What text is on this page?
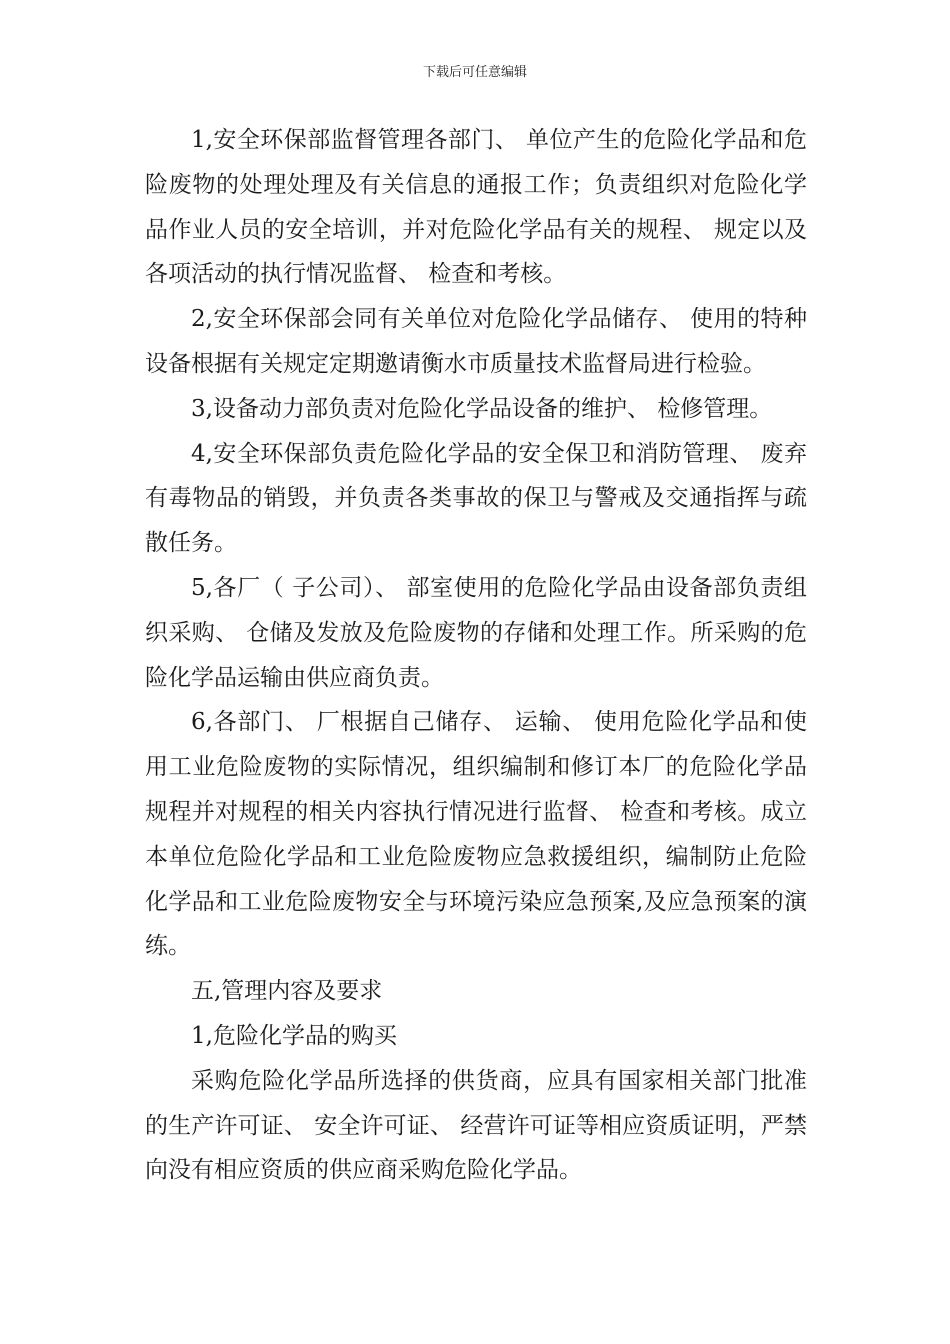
下载后可任意编辑

1,安全环保部监督管理各部门、 单位产生的危险化学品和危险废物的处理处理及有关信息的通报工作；负责组织对危险化学品作业人员的安全培训，并对危险化学品有关的规程、 规定以及各项活动的执行情况监督、 检查和考核。

2,安全环保部会同有关单位对危险化学品储存、 使用的特种设备根据有关规定定期邀请衡水市质量技术监督局进行检验。

3,设备动力部负责对危险化学品设备的维护、 检修管理。

4,安全环保部负责危险化学品的安全保卫和消防管理、 废弃有毒物品的销毁，并负责各类事故的保卫与警戒及交通指挥与疏散任务。

5,各厂（ 子公司）、 部室使用的危险化学品由设备部负责组织采购、 仓储及发放及危险废物的存储和处理工作。所采购的危险化学品运输由供应商负责。

6,各部门、 厂根据自己储存、 运输、 使用危险化学品和使用工业危险废物的实际情况，组织编制和修订本厂的危险化学品规程并对规程的相关内容执行情况进行监督、 检查和考核。成立本单位危险化学品和工业危险废物应急救援组织，编制防止危险化学品和工业危险废物安全与环境污染应急预案,及应急预案的演练。

五,管理内容及要求

1,危险化学品的购买

采购危险化学品所选择的供货商，应具有国家相关部门批准的生产许可证、 安全许可证、 经营许可证等相应资质证明，严禁向没有相应资质的供应商采购危险化学品。
